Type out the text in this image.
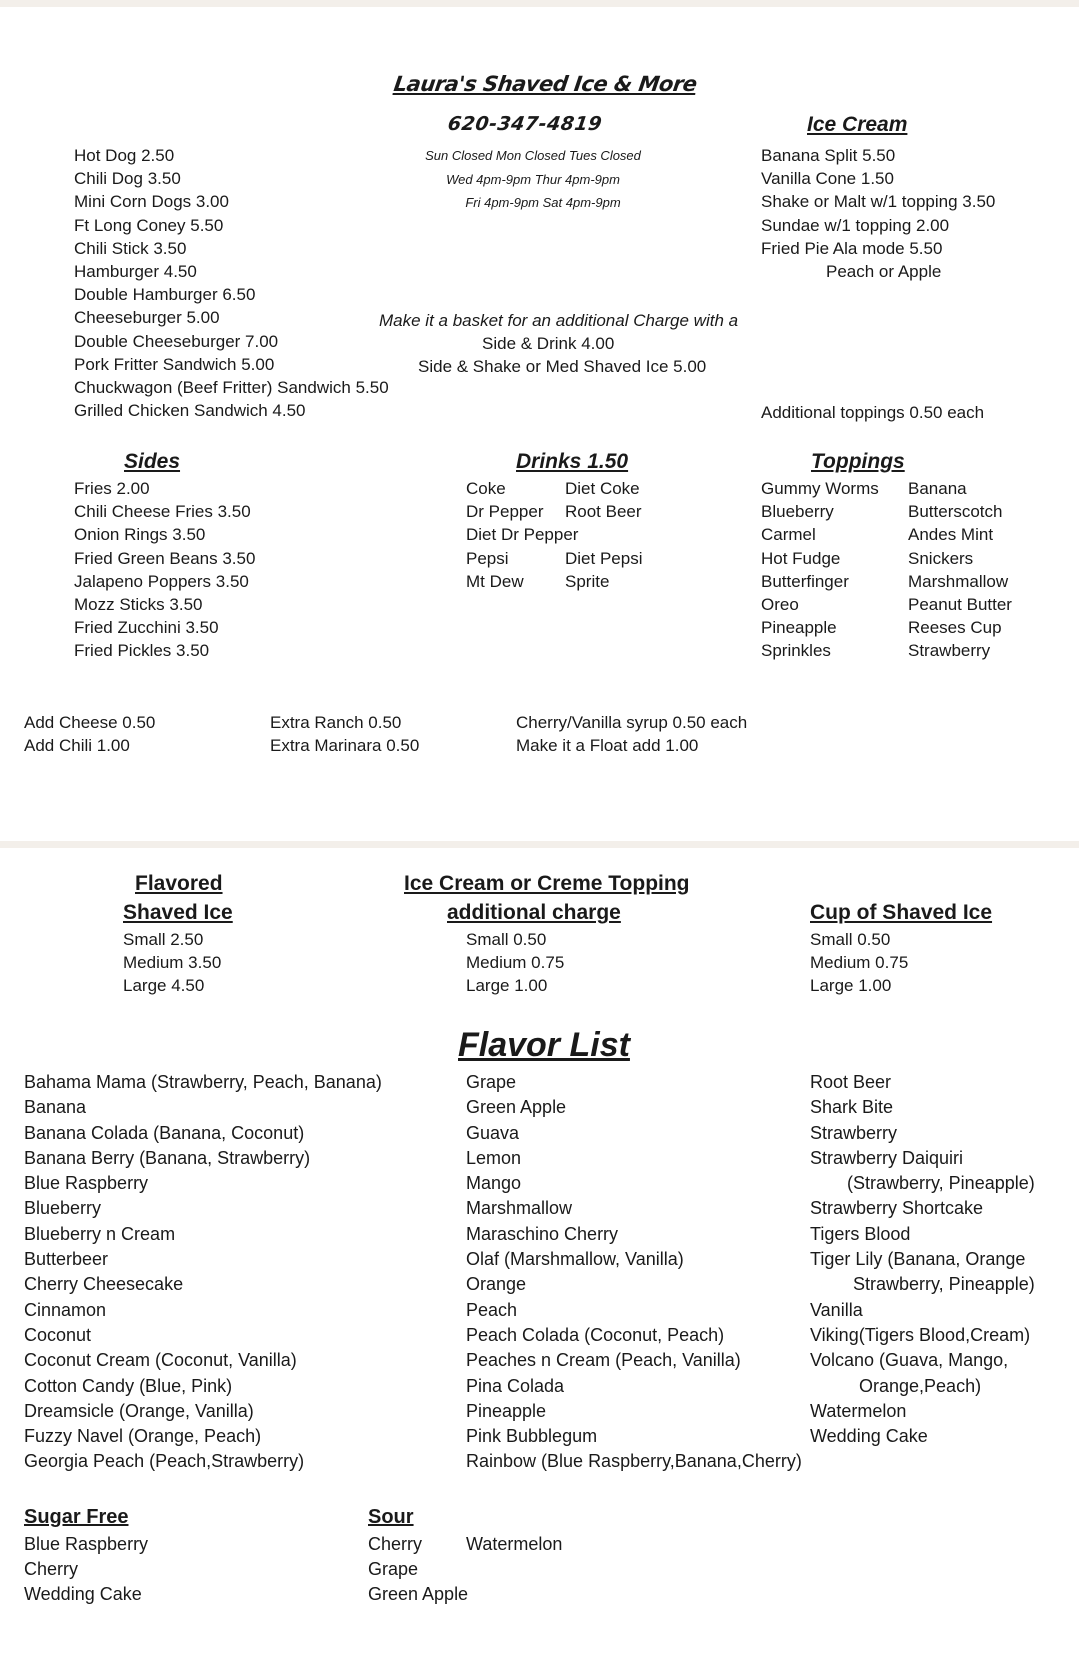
Laura's Shaved Ice & More
620-347-4819
Sun Closed Mon Closed Tues Closed
Wed 4pm-9pm Thur 4pm-9pm
Fri 4pm-9pm Sat 4pm-9pm
Hot Dog 2.50
Chili Dog 3.50
Mini Corn Dogs 3.00
Ft Long Coney 5.50
Chili Stick 3.50
Hamburger 4.50
Double Hamburger 6.50
Cheeseburger 5.00
Double Cheeseburger 7.00
Pork Fritter Sandwich 5.00
Chuckwagon (Beef Fritter) Sandwich 5.50
Grilled Chicken Sandwich 4.50
Make it a basket for an additional Charge with a
Side & Drink 4.00
Side & Shake or Med Shaved Ice 5.00
Ice Cream
Banana Split 5.50
Vanilla Cone 1.50
Shake or Malt w/1 topping 3.50
Sundae w/1 topping 2.00
Fried Pie Ala mode 5.50
Peach or Apple
Additional toppings 0.50 each
Sides
Fries 2.00
Chili Cheese Fries 3.50
Onion Rings 3.50
Fried Green Beans 3.50
Jalapeno Poppers 3.50
Mozz Sticks 3.50
Fried Zucchini 3.50
Fried Pickles 3.50
Drinks 1.50
Coke
Dr Pepper
Diet Dr Pepper
Pepsi
Mt Dew
Diet Coke
Root Beer
Diet Pepsi
Sprite
Toppings
Gummy Worms
Blueberry
Carmel
Hot Fudge
Butterfinger
Oreo
Pineapple
Sprinkles
Banana
Butterscotch
Andes Mint
Snickers
Marshmallow
Peanut Butter
Reeses Cup
Strawberry
Add Cheese 0.50
Add Chili 1.00
Extra Ranch 0.50
Extra Marinara 0.50
Cherry/Vanilla syrup 0.50 each
Make it a Float add 1.00
Flavored
Shaved Ice
Small 2.50
Medium 3.50
Large 4.50
Ice Cream or Creme Topping
additional charge
Small 0.50
Medium 0.75
Large 1.00
Cup of Shaved Ice
Small 0.50
Medium 0.75
Large 1.00
Flavor List
Bahama Mama (Strawberry, Peach, Banana)
Banana
Banana Colada (Banana, Coconut)
Banana Berry (Banana, Strawberry)
Blue Raspberry
Blueberry
Blueberry n Cream
Butterbeer
Cherry Cheesecake
Cinnamon
Coconut
Coconut Cream (Coconut, Vanilla)
Cotton Candy (Blue, Pink)
Dreamsicle (Orange, Vanilla)
Fuzzy Navel (Orange, Peach)
Georgia Peach (Peach,Strawberry)
Grape
Green Apple
Guava
Lemon
Mango
Marshmallow
Maraschino Cherry
Olaf (Marshmallow, Vanilla)
Orange
Peach
Peach Colada (Coconut, Peach)
Peaches n Cream (Peach, Vanilla)
Pina Colada
Pineapple
Pink Bubblegum
Rainbow (Blue Raspberry,Banana,Cherry)
Root Beer
Shark Bite
Strawberry
Strawberry Daiquiri
(Strawberry, Pineapple)
Strawberry Shortcake
Tigers Blood
Tiger Lily (Banana, Orange
Strawberry, Pineapple)
Vanilla
Viking(Tigers Blood,Cream)
Volcano (Guava, Mango,
Orange,Peach)
Watermelon
Wedding Cake
Sugar Free
Blue Raspberry
Cherry
Wedding Cake
Sour
Cherry
Grape
Green Apple
Watermelon
